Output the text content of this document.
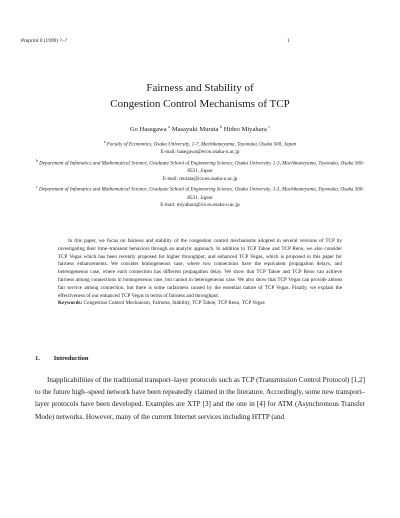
Preprint 0 (1999) ?–?	1
Fairness and Stability of
Congestion Control Mechanisms of TCP
Go Hasegawa $^a$ Masayuki Murata $^b$ Hideo Miyahara $^c$

$^a$ Faculty of Economics, Osaka University, 1-7, Machikaneyama, Toyonaka, Osaka 560, Japan

E-mail: hasegawa@econ.osaka-u.ac.jp

$^b$ Department of Infomatics and Mathematical Science, Graduate School of Engineering Science, Osaka University, 1-3, Machikaneyama, Toyonaka, Osaka 560-8531, Japan

E-mail: murata@ics.es.osaka-u.ac.jp

$^c$ Department of Infomatics and Mathematical Science, Graduate School of Engineering Science, Osaka University, 1-3, Machikaneyama, Toyonaka, Osaka 560-8531, Japan

E-mail: miyahara@ics.es.osaka-u.ac.jp

In this paper, we focus on fairness and stability of the congestion control mechanisms adopted in several versions of TCP by investigating their time–transient behaviors through an analytic approach. In addition to TCP Tahoe and TCP Reno, we also consider TCP Vegas which has been recently proposed for higher throughput, and enhanced TCP Vegas, which is proposed in this paper for fairness enhancements. We consider homogeneous case, where two connections have the equivalent propagation delays, and heterogeneous case, where each connection has different propagation delay. We show that TCP Tahoe and TCP Reno can achieve fairness among connections in homogeneous case, but cannot in heterogeneous case. We also show that TCP Vegas can provide almost fair service among connection, but there is some unfairness caused by the essential nature of TCP Vegas. Finally, we explain the effectiveness of our enhanced TCP Vegas in terms of fairness and throughput.

Keywords: Congestion Control Mechanism, Fairness, Stability, TCP Tahoe, TCP Reno, TCP Vegas

1. Introduction

Inapplicabilities of the traditional transport–layer protocols such as TCP (Transmission Control Protocol) [1,2] to the future high–speed network have been repeatedly claimed in the literature. Accordingly, some new transport–layer protocols have been developed. Examples are XTP [3] and the one in [4] for ATM (Asynchronous Transfer Mode) networks. However, many of the current Internet services including HTTP (and
